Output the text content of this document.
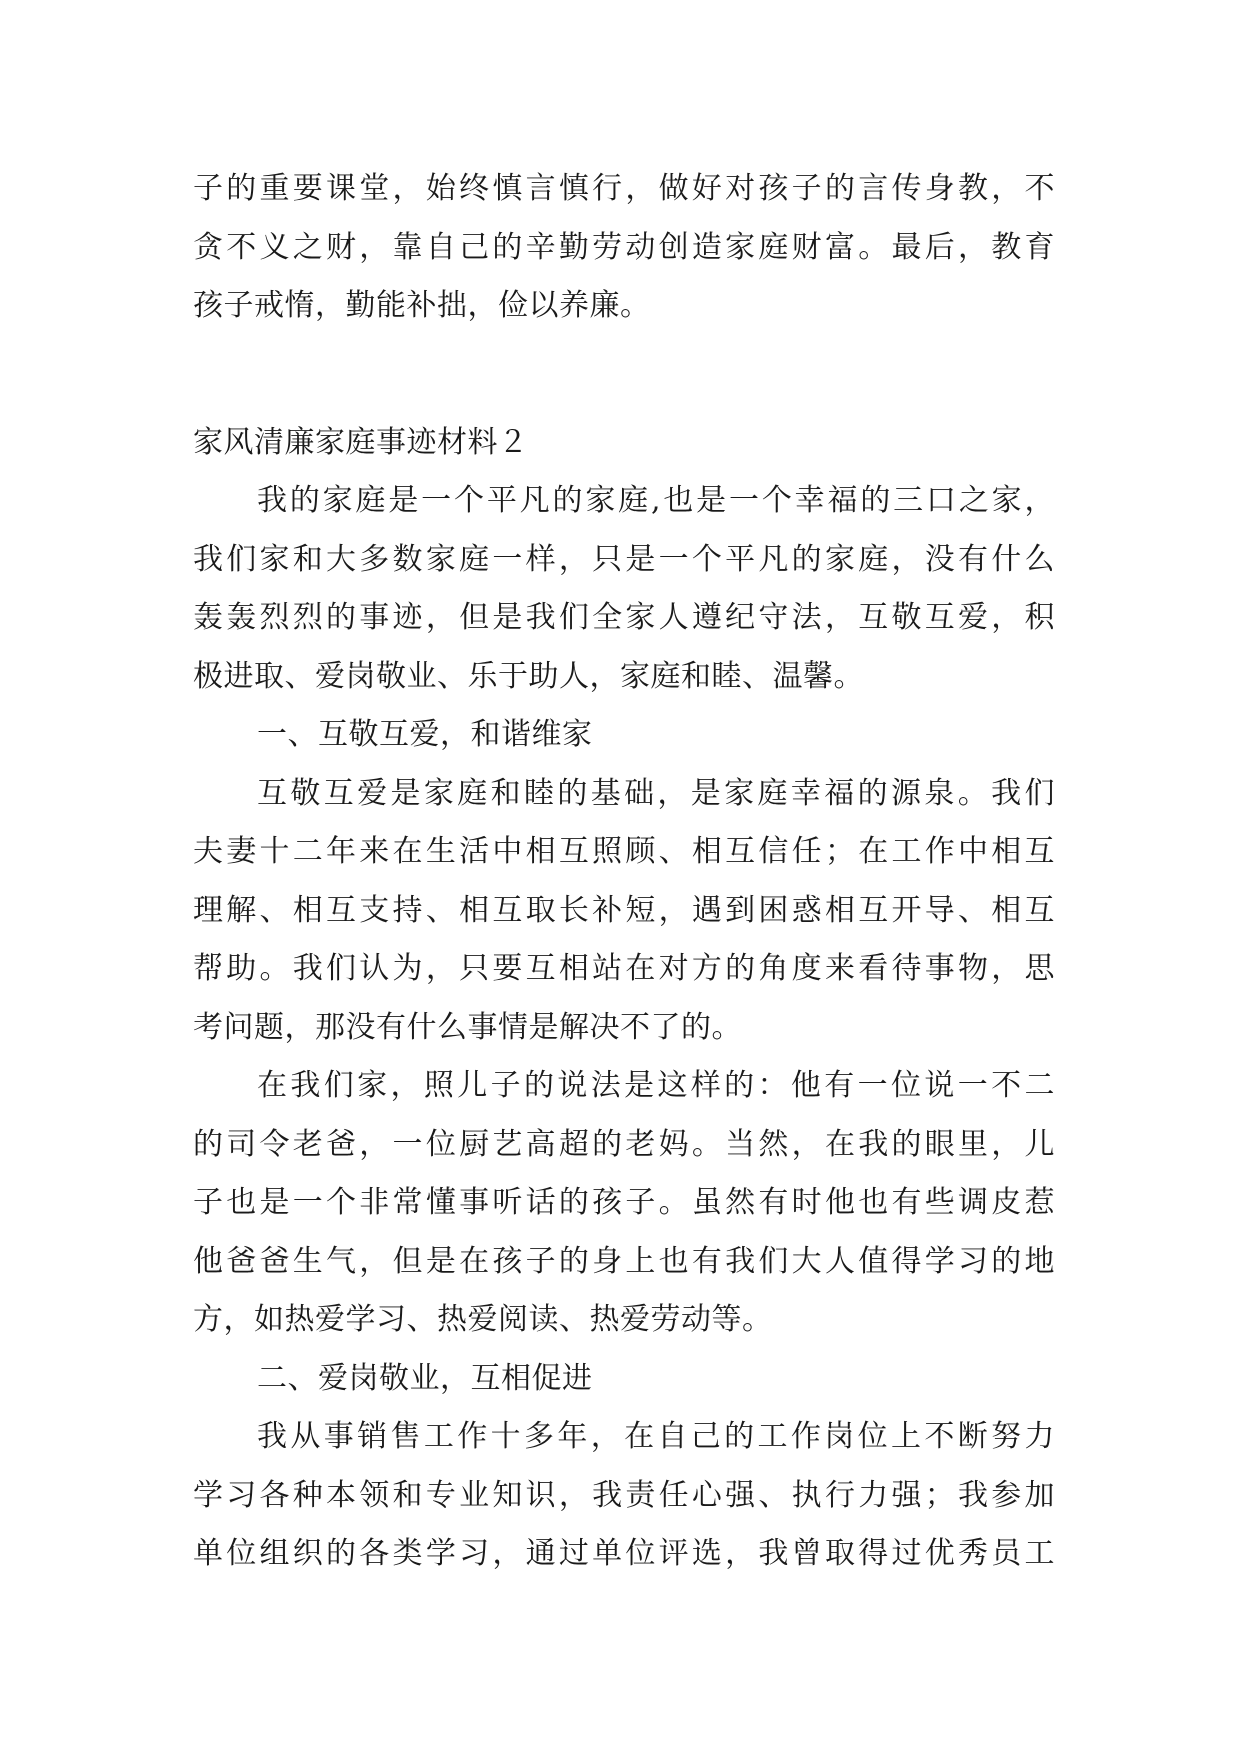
子的重要课堂，始终慎言慎行，做好对孩子的言传身教，不
贪不义之财，靠自己的辛勤劳动创造家庭财富。最后，教育
孩子戒惰，勤能补拙，俭以养廉。
家风清廉家庭事迹材料２
我的家庭是一个平凡的家庭,也是一个幸福的三口之家，
我们家和大多数家庭一样，只是一个平凡的家庭，没有什么
轰轰烈烈的事迹，但是我们全家人遵纪守法，互敬互爱，积
极进取、爱岗敬业、乐于助人，家庭和睦、温馨。
一、互敬互爱，和谐维家
互敬互爱是家庭和睦的基础，是家庭幸福的源泉。我们
夫妻十二年来在生活中相互照顾、相互信任；在工作中相互
理解、相互支持、相互取长补短，遇到困惑相互开导、相互
帮助。我们认为，只要互相站在对方的角度来看待事物，思
考问题，那没有什么事情是解决不了的。
在我们家，照儿子的说法是这样的：他有一位说一不二
的司令老爸，一位厨艺高超的老妈。当然，在我的眼里，儿
子也是一个非常懂事听话的孩子。虽然有时他也有些调皮惹
他爸爸生气，但是在孩子的身上也有我们大人值得学习的地
方，如热爱学习、热爱阅读、热爱劳动等。
二、爱岗敬业，互相促进
我从事销售工作十多年，在自己的工作岗位上不断努力
学习各种本领和专业知识，我责任心强、执行力强；我参加
单位组织的各类学习，通过单位评选，我曾取得过优秀员工
